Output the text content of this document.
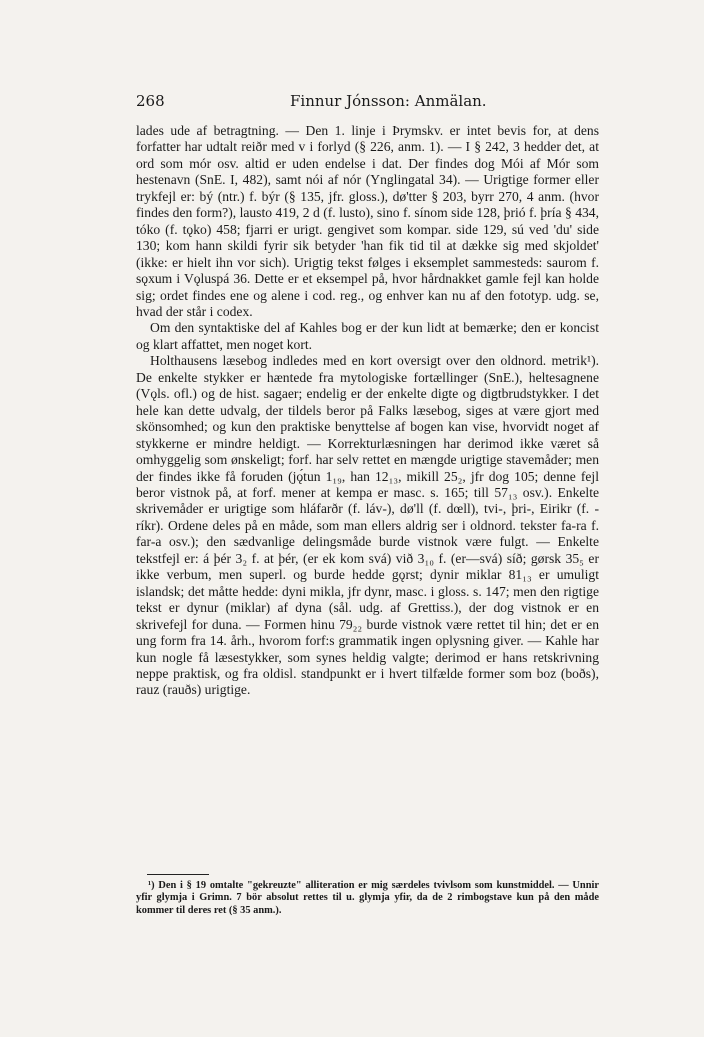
268	Finnur Jónsson: Anmälan.

lades ude af betragtning. — Den 1. linje i Þrymskv. er intet bevis for, at dens forfatter har udtalt reiðr med v i forlyd (§ 226, anm. 1). — I § 242, 3 hedder det, at ord som mór osv. altid er uden endelse i dat. Der findes dog Mói af Mór som hestenavn (SnE. I, 482), samt nói af nór (Ynglingatal 34). — Urigtige former eller trykfejl er: bý (ntr.) f. býr (§ 135, jfr. gloss.), dø'tter § 203, byrr 270, 4 anm. (hvor findes den form?), lausto 419, 2 d (f. lusto), sino f. sínom side 128, þrió f. þría § 434, tóko (f. tǫko) 458; fjarri er urigt. gengivet som kompar. side 129, sú ved 'du' side 130; kom hann skildi fyrir sik betyder 'han fik tid til at dække sig med skjoldet' (ikke: er hielt ihn vor sich). Urigtig tekst følges i eksemplet sammesteds: saurom f. sǫxum i Vǫluspá 36. Dette er et eksempel på, hvor hårdnakket gamle fejl kan holde sig; ordet findes ene og alene i cod. reg., og enhver kan nu af den fototyp. udg. se, hvad der står i codex.

Om den syntaktiske del af Kahles bog er der kun lidt at bemærke; den er koncist og klart affattet, men noget kort.

Holthausens læsebog indledes med en kort oversigt over den oldnord. metrik¹). De enkelte stykker er hæntede fra mytologiske fortællinger (SnE.), heltesagnene (Vǫls. ofl.) og de hist. sagaer; endelig er der enkelte digte og digtbrudstykker. I det hele kan dette udvalg, der tildels beror på Falks læsebog, siges at være gjort med skönsomhed; og kun den praktiske benyttelse af bogen kan vise, hvorvidt noget af stykkerne er mindre heldigt. — Korrekturlæsningen har derimod ikke været så omhyggelig som ønskeligt; forf. har selv rettet en mængde urigtige stavemåder; men der findes ikke få foruden (jǫ́tun 1₁₉, han 12₁₃, mikill 25₂, jfr dog 105; denne fejl beror vistnok på, at forf. mener at kempa er masc. s. 165; till 57₁₃ osv.). Enkelte skrivemåder er urigtige som hláfarðr (f. láv-), dø'll (f. dœll), tvi-, þri-, Eirikr (f. -ríkr). Ordene deles på en måde, som man ellers aldrig ser i oldnord. tekster fa-ra f. far-a osv.); den sædvanlige delingsmåde burde vistnok være fulgt. — Enkelte tekstfejl er: á þér 3₂ f. at þér, (er ek kom svá) við 3₁₀ f. (er—svá) síð; gørsk 35₅ er ikke verbum, men superl. og burde hedde gǫrst; dynir miklar 81₁₃ er umuligt islandsk; det måtte hedde: dyni mikla, jfr dynr, masc. i gloss. s. 147; men den rigtige tekst er dynur (miklar) af dyna (sål. udg. af Grettiss.), der dog vistnok er en skrivefejl for duna. — Formen hinu 79₂₂ burde vistnok være rettet til hin; det er en ung form fra 14. årh., hvorom forf:s grammatik ingen oplysning giver. — Kahle har kun nogle få læsestykker, som synes heldig valgte; derimod er hans retskrivning neppe praktisk, og fra oldisl. standpunkt er i hvert tilfælde former som boz (boðs), rauz (rauðs) urigtige.

¹) Den i § 19 omtalte "gekreuzte" alliteration er mig særdeles tvivlsom som kunstmiddel. — Unnir yfir glymja i Grimn. 7 bör absolut rettes til u. glymja yfir, da de 2 rimbogstave kun på den måde kommer til deres ret (§ 35 anm.).
